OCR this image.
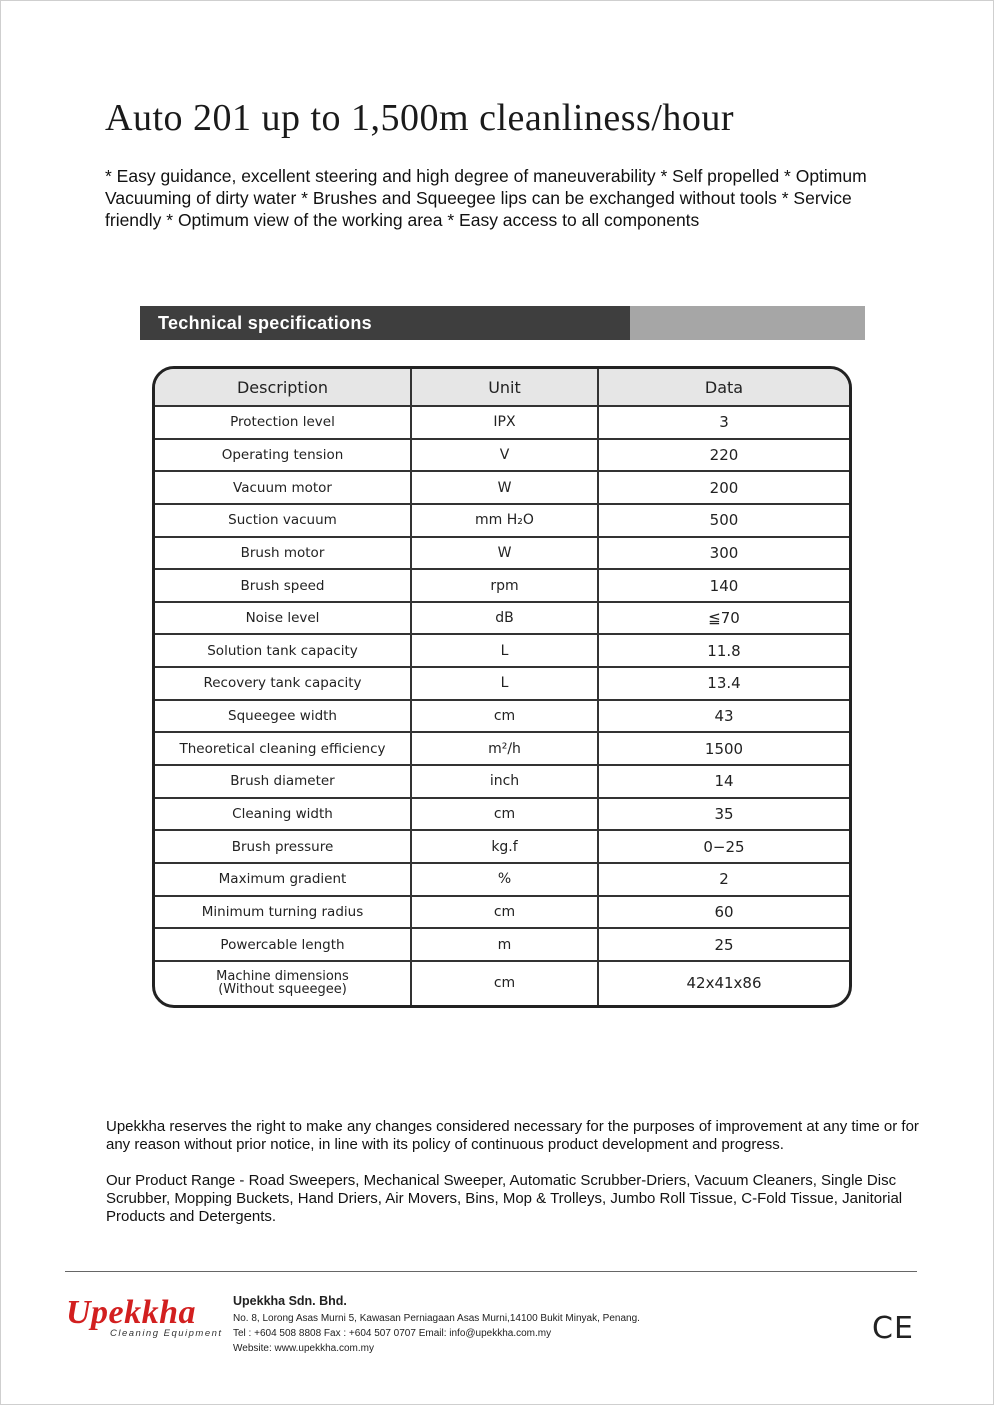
Auto 201 up to 1,500m cleanliness/hour
* Easy guidance, excellent steering and high degree of maneuverability * Self propelled * Optimum Vacuuming of dirty water * Brushes and Squeegee lips can be exchanged without tools * Service friendly * Optimum view of the working area * Easy access to all components
Technical specifications
Description	Unit	Data
Protection level	IPX	3
Operating tension	V	220
Vacuum motor	W	200
Suction vacuum	mm H₂O	500
Brush motor	W	300
Brush speed	rpm	140
Noise level	dB	≦70
Solution tank capacity	L	11.8
Recovery tank capacity	L	13.4
Squeegee width	cm	43
Theoretical cleaning efficiency	m²/h	1500
Brush diameter	inch	14
Cleaning width	cm	35
Brush pressure	kg.f	0−25
Maximum gradient	%	2
Minimum turning radius	cm	60
Powercable length	m	25
Machine dimensions
(Without squeegee)	cm	42x41x86

Upekkha reserves the right to make any changes considered necessary for the purposes of improvement at any time or for any reason without prior notice, in line with its policy of continuous product development and progress.

Our Product Range - Road Sweepers, Mechanical Sweeper, Automatic Scrubber-Driers, Vacuum Cleaners, Single Disc Scrubber, Mopping Buckets, Hand Driers, Air Movers, Bins, Mop & Trolleys, Jumbo Roll Tissue, C-Fold Tissue, Janitorial Products and Detergents.

Upekkha
Cleaning Equipment
Upekkha Sdn. Bhd.
No. 8, Lorong Asas Murni 5, Kawasan Perniagaan Asas Murni,14100 Bukit Minyak, Penang.
Tel : +604 508 8808 Fax : +604 507 0707 Email: info@upekkha.com.my
Website: www.upekkha.com.my
CE
